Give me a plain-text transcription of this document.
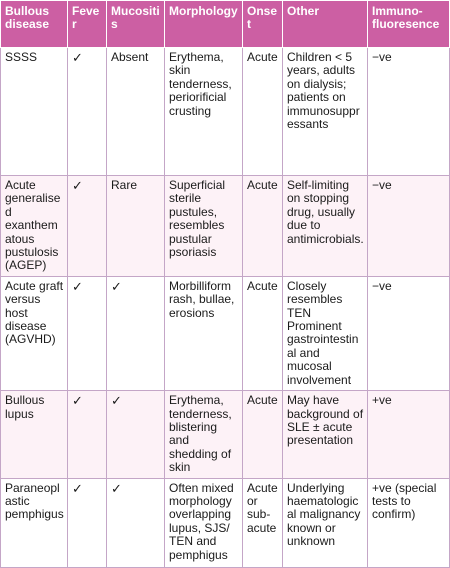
Bullous disease	Fever	Mucositis	Morphology	Onset	Other	Immuno-fluoresence
SSSS	✓	Absent	Erythema, skin tenderness, periorificial crusting	Acute	Children < 5 years, adults on dialysis; patients on immunosuppressants	−ve
Acute generalised exanthematous pustulosis (AGEP)	✓	Rare	Superficial sterile pustules, resembles pustular psoriasis	Acute	Self-limiting on stopping drug, usually due to antimicrobials.	−ve
Acute graft versus host disease (AGVHD)	✓	✓	Morbilliform rash, bullae, erosions	Acute	Closely resembles TEN Prominent gastrointestinal and mucosal involvement	−ve
Bullous lupus	✓	✓	Erythema, tenderness, blistering and shedding of skin	Acute	May have background of SLE ± acute presentation	+ve
Paraneoplastic pemphigus	✓	✓	Often mixed morphology overlapping lupus, SJS/ TEN and pemphigus	Acute or sub-acute	Underlying haematological malignancy known or unknown	+ve (special tests to confirm)
